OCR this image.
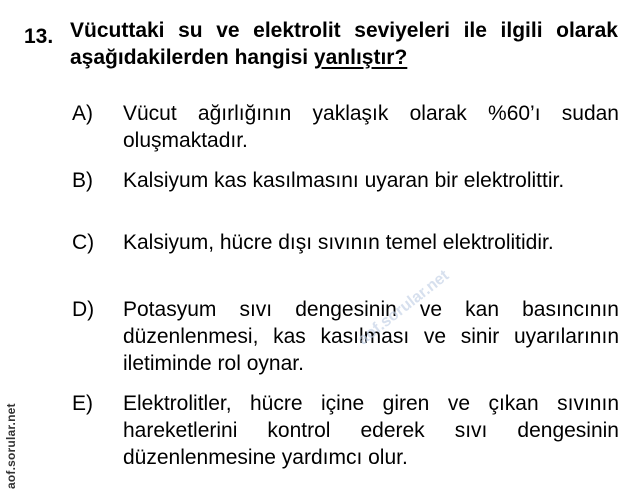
13. Vücuttaki su ve elektrolit seviyeleri ile ilgili olarak aşağıdakilerden hangisi yanlıştır?
A)	Vücut ağırlığının yaklaşık olarak %60’ı sudan oluşmaktadır.
B)	Kalsiyum kas kasılmasını uyaran bir elektrolittir.
C)	Kalsiyum, hücre dışı sıvının temel elektrolitidir.
D)	Potasyum sıvı dengesinin ve kan basıncının düzenlenmesi, kas kasılması ve sinir uyarılarının iletiminde rol oynar.
E)	Elektrolitler, hücre içine giren ve çıkan sıvının hareketlerini kontrol ederek sıvı dengesinin düzenlenmesine yardımcı olur.
aof.sorular.net
aof.sorular.net
